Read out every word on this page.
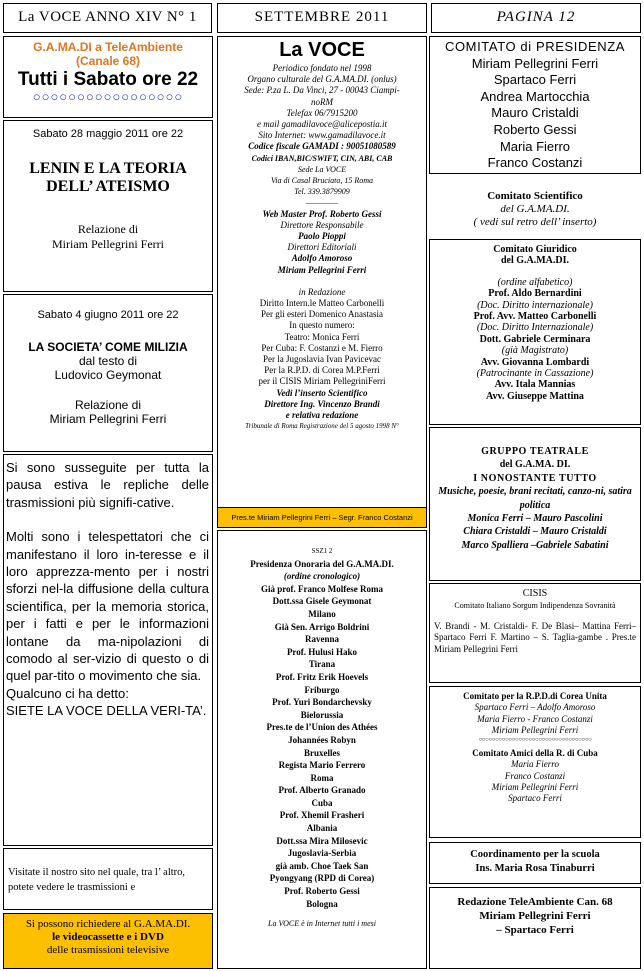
La VOCE ANNO XIV N° 1	SETTEMBRE 2011	PAGINA 12
G.A.MA.DI a TeleAmbiente
(Canale 68)
Tutti i Sabato ore 22
○○○○○○○○○○○○○○○○○
Sabato 28 maggio 2011 ore 22
LENIN E LA TEORIA
DELL’ ATEISMO
Relazione di
Miriam Pellegrini Ferri
Sabato 4 giugno 2011 ore 22
LA SOCIETA’ COME MILIZIA
dal testo di
Ludovico Geymonat
Relazione di
Miriam Pellegrini Ferri

Si sono susseguite per tutta la pausa estiva le repliche delle trasmissioni più signifi-cative.

Molti sono i telespettatori che ci manifestano il loro in-teresse e il loro apprezza-mento per i nostri sforzi nel-la diffusione della cultura scientifica, per la memoria storica, per i fatti e per le informazioni lontane da ma-nipolazioni di comodo al ser-vizio di questo o di quel par-tito o movimento che sia.

Qualcuno ci ha detto:

SIETE LA VOCE DELLA VERI-TA’.

Visitate il nostro sito nel quale, tra l’ altro, potete vedere le trasmissioni e
Si possono richiedere al G.A.MA.DI.
le videocassette e i DVD
delle trasmissioni televisive
La VOCE
Periodico fondato nel 1998
Organo culturale del G.A.MA.DI. (onlus)
Sede: P.za L. Da Vinci, 27 - 00043 Ciampi-
noRM
Telefax 06/7915200
e mail gamadilavoce@alicepostia.it
Sito Internet: www.gamadilavoce.it
Codice fiscale GAMADI : 90051080589
Codici IBAN,BIC/SWIFT, CIN, ABI, CAB
Sede La VOCE
Via di Casal Bruciato, 15 Roma
Tel. 339.3879909
————
Web Master Prof. Roberto Gessi
Direttore Responsabile
Paolo Pioppi
Direttori Editoriali
Adolfo Amoroso
Miriam Pellegrini Ferri
in Redazione
Diritto Intern.le Matteo Carbonelli
Per gli esteri Domenico Anastasia
In questo numero:
Teatro: Monica Ferri
Per Cuba: F. Costanzi e M. Fierro
Per la Jugoslavia Ivan Pavicevac
Per la R.P.D. di Corea M.P.Ferri
per il CISIS Miriam PellegriniFerri
Vedi l’inserto Scientifico
Direttore Ing. Vincenzo Brandi
e relativa redazione
Tribunale di Roma Registrazione del 5 agosto 1998 N°
Pres.te Miriam Pellegrini Ferri – Segr. Franco Costanzi
SSZ1 2
Presidenza Onoraria del G.A.MA.DI.
(ordine cronologico)
Già prof. Franco Molfese Roma
Dott.ssa Gisele Geymonat
Milano
Già Sen. Arrigo Boldrini
Ravenna
Prof. Hulusi Hako
Tirana
Prof. Fritz Erik Hoevels
Friburgo
Prof. Yuri Bondarchevsky
Bielorussia
Pres.te de l’Union des Athées
Johannées Robyn
Bruxelles
Regista Mario Ferrero
Roma
Prof. Alberto Granado
Cuba
Prof. Xhemil Frasheri
Albania
Dott.ssa Mira Milosevic
Jugoslavia-Serbia
già amb. Choe Taek San
Pyongyang (RPD di Corea)
Prof. Roberto Gessi
Bologna
La VOCE è in Internet tutti i mesi
COMITATO di PRESIDENZA
Miriam Pellegrini Ferri
Spartaco Ferri
Andrea Martocchia
Mauro Cristaldi
Roberto Gessi
Maria Fierro
Franco Costanzi
Comitato Scientifico
del G.A.MA.DI.
( vedi sul retro dell’ inserto)
Comitato Giuridico
del G.A.MA.DI.
(ordine alfabetico)
Prof. Aldo Bernardini
(Doc. Diritto internazionale)
Prof. Avv. Matteo Carbonelli
(Doc. Diritto Internazionale)
Dott. Gabriele Cerminara
(già Magistrato)
Avv. Giovanna Lombardi
(Patrocinante in Cassazione)
Avv. Itala Mannias
Avv. Giuseppe Mattina
GRUPPO TEATRALE
del G.A.MA. DI.
I NONOSTANTE TUTTO
Musiche, poesie, brani recitati, canzo-ni, satira politica
Monica Ferri – Mauro Pascolini
Chiara Cristaldi – Mauro Cristaldi
Marco Spalliera –Gabriele Sabatini
CISIS
Comitato Italiano Sorgum Indipendenza Sovranità
V. Brandi - M. Cristaldi- F. De Blasi– Mattina Ferri– Spartaco Ferri F. Martino – S. Taglia-gambe . Pres.te Miriam Pellegrini Ferri
Comitato per la R.P.D.di Corea Unita
Spartaco Ferri – Adolfo Amoroso
Maria Fierro - Franco Costanzi
Miriam Pellegrini Ferri
○○○○○○○○○○○○○○○○○○○○○○○○○○○○○○○○○○
Comitato Amici della R. di Cuba
Maria Fierro
Franco Costanzi
Miriam Pellegrini Ferri
Spartaco Ferri
Coordinamento per la scuola
Ins. Maria Rosa Tinaburri
Redazione TeleAmbiente Can. 68
Miriam Pellegrini Ferri
– Spartaco Ferri
